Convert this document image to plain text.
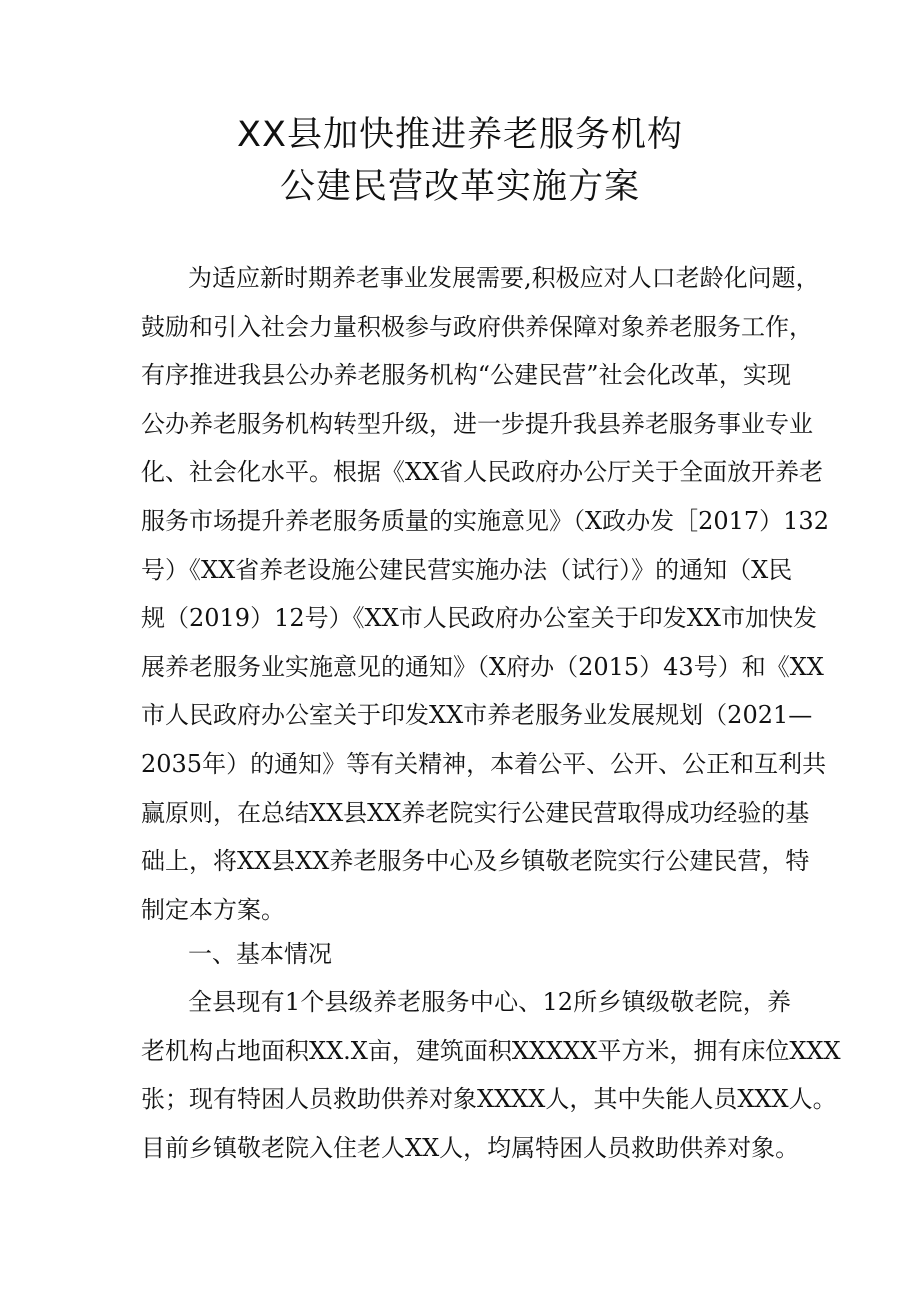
XX县加快推进养老服务机构
公建民营改革实施方案
为适应新时期养老事业发展需要,积极应对人口老龄化问题，
鼓励和引入社会力量积极参与政府供养保障对象养老服务工作，
有序推进我县公办养老服务机构“公建民营”社会化改革，实现
公办养老服务机构转型升级，进一步提升我县养老服务事业专业
化、社会化水平。根据《XX省人民政府办公厅关于全面放开养老
服务市场提升养老服务质量的实施意见》（X政办发［2017）132
号）《XX省养老设施公建民营实施办法（试行）》的通知（X民
规（2019）12号）《XX市人民政府办公室关于印发XX市加快发
展养老服务业实施意见的通知》（X府办（2015）43号）和《XX
市人民政府办公室关于印发XX市养老服务业发展规划（2021—
2035年）的通知》等有关精神，本着公平、公开、公正和互利共
赢原则，在总结XX县XX养老院实行公建民营取得成功经验的基
础上，将XX县XX养老服务中心及乡镇敬老院实行公建民营，特
制定本方案。
一、基本情况
全县现有1个县级养老服务中心、12所乡镇级敬老院，养
老机构占地面积XX.X亩，建筑面积XXXXX平方米，拥有床位XXX
张；现有特困人员救助供养对象XXXX人，其中失能人员XXX人。
目前乡镇敬老院入住老人XX人，均属特困人员救助供养对象。
